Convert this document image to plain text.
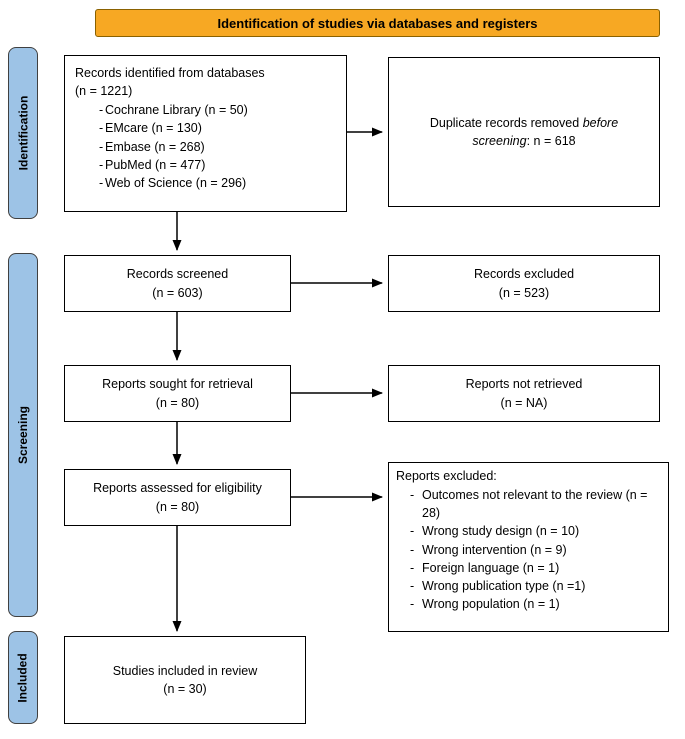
Identification of studies via databases and registers
Identification
Screening
Included
Records identified from databases
(n = 1221)
- Cochrane Library (n = 50)
- EMcare (n = 130)
- Embase (n = 268)
- PubMed (n = 477)
- Web of Science (n = 296)
Duplicate records removed before screening: n = 618
Records screened
(n = 603)
Records excluded
(n = 523)
Reports sought for retrieval
(n = 80)
Reports not retrieved
(n = NA)
Reports assessed for eligibility
(n = 80)
Reports excluded:
- Outcomes not relevant to the review (n = 28)
- Wrong study design (n = 10)
- Wrong intervention (n = 9)
- Foreign language (n = 1)
- Wrong publication type (n =1)
- Wrong population (n = 1)
Studies included in review
(n = 30)
